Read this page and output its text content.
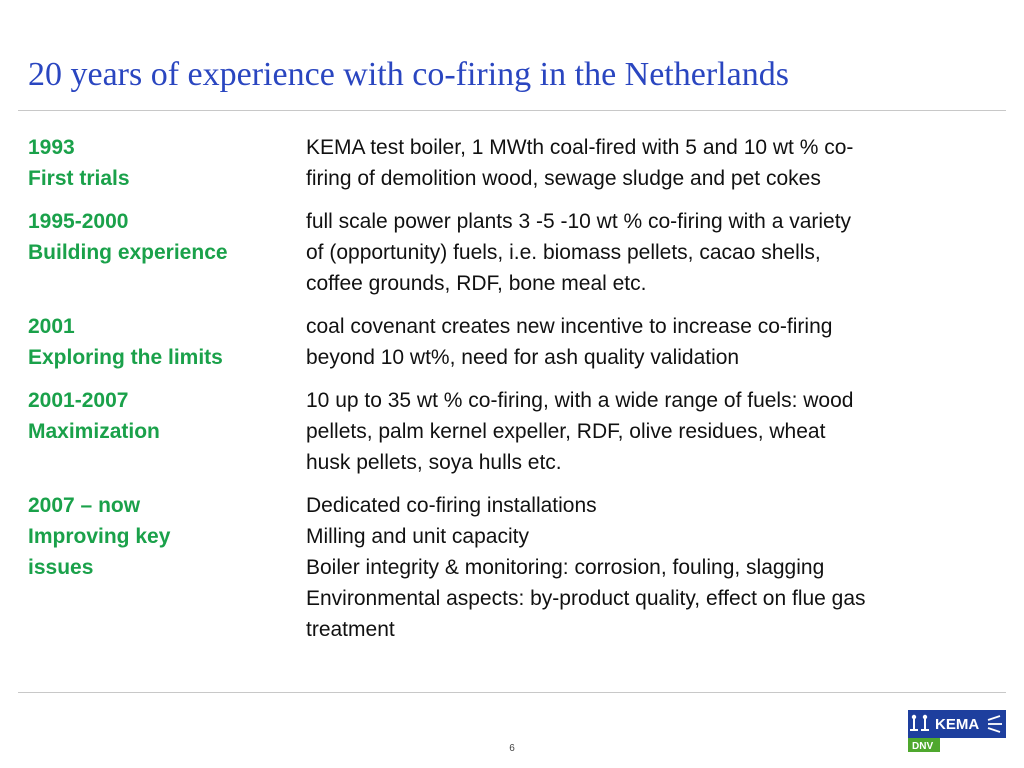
20 years of experience with co-firing in the Netherlands
1993
First trials
KEMA test boiler, 1 MWth coal-fired with 5 and 10 wt % co-
firing of demolition wood, sewage sludge and pet cokes
1995-2000
Building experience
full scale power plants 3 -5 -10 wt % co-firing with a variety
of (opportunity) fuels, i.e. biomass pellets, cacao shells,
coffee grounds, RDF, bone meal etc.
2001
Exploring the limits
coal covenant creates new incentive to increase co-firing
beyond 10 wt%, need for ash quality validation
2001-2007
Maximization
10 up to 35 wt % co-firing, with a wide range of fuels: wood
pellets, palm kernel expeller, RDF, olive residues, wheat
husk pellets, soya hulls etc.
2007 – now
Improving key
issues
Dedicated co-firing installations
Milling and unit capacity
Boiler integrity & monitoring: corrosion, fouling, slagging
Environmental aspects: by-product quality, effect on flue gas
treatment
6
KEMA
DNV
